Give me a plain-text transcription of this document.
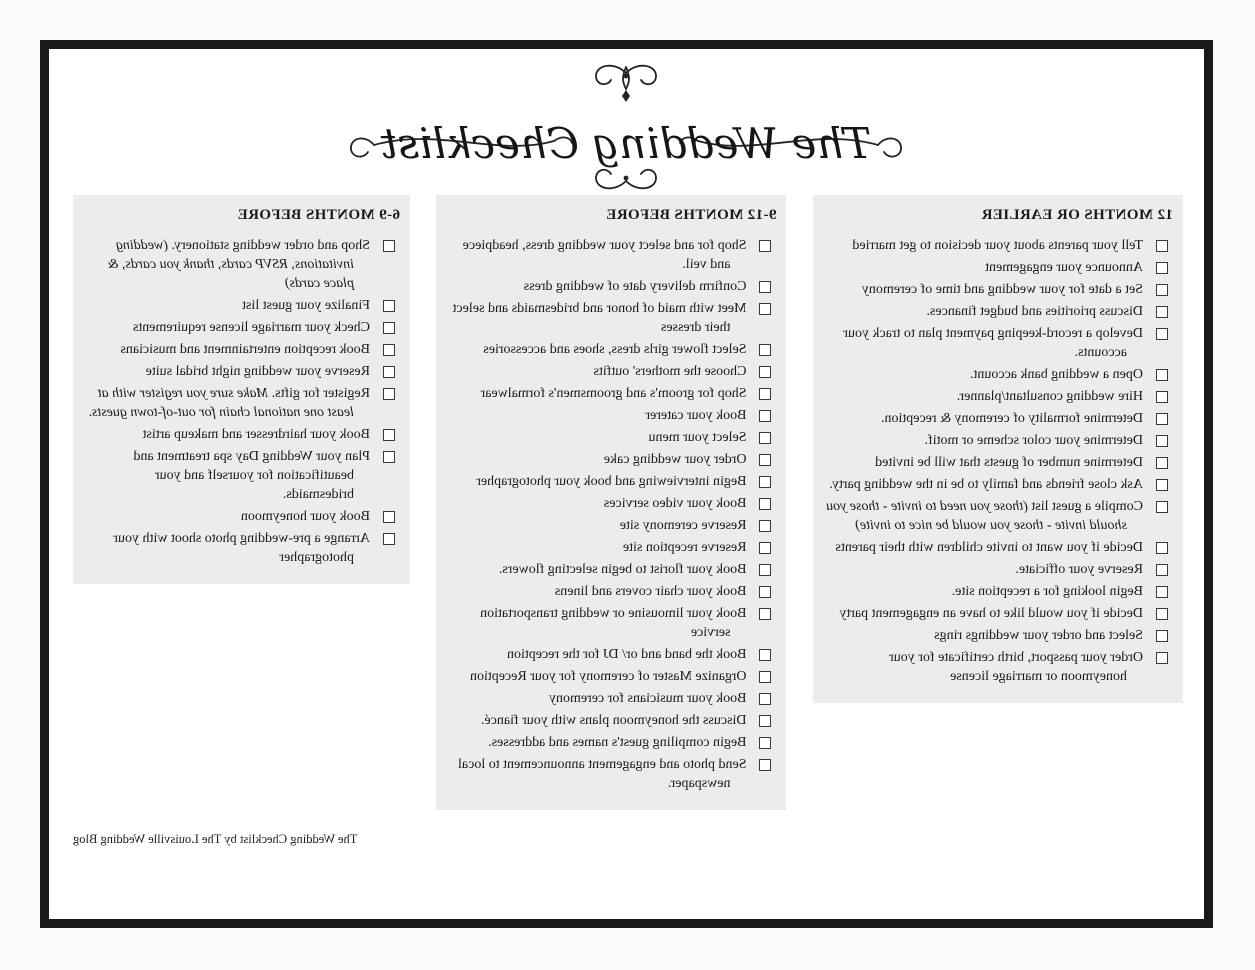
The Wedding Checklist
12 MONTHS OR EARLIER
Tell your parents about your decision to get married
Announce your engagement
Set a date for your wedding and time of ceremony
Discuss priorities and budget finances.
Develop a record-keeping payment plan to track your accounts.
Open a wedding bank account.
Hire wedding consultant/planner.
Determine formality of ceremony & reception.
Determine your color scheme or motif.
Determine number of guests that will be invited
Ask close friends and family to be in the wedding party.
Compile a guest list (those you need to invite - those you should invite - those you would be nice to invite)
Decide if you want to invite children with their parents
Reserve your officiate.
Begin looking for a reception site.
Decide if you would like to have an engagement party
Select and order your weddings rings
Order your passport, birth certificate for your honeymoon or marriage license
9-12 MONTHS BEFORE
Shop for and select your wedding dress, headpiece and veil.
Confirm delivery date of wedding dress
Meet with maid of honor and bridesmaids and select their dresses
Select flower girls dress, shoes and accessories
Choose the mothers' outfits
Shop for groom's and groomsmen's formalwear
Book your caterer
Select your menu
Order your wedding cake
Begin interviewing and book your photographer
Book your video services
Reserve ceremony site
Reserve reception site
Book your florist to begin selecting flowers.
Book your chair covers and linens
Book your limousine or wedding transportation service
Book the band and or/ DJ for the reception
Organize Master of ceremony for your Reception
Book your musicians for ceremony
Discuss the honeymoon plans with your fiancé.
Begin compiling guest's names and addresses.
Send photo and engagement announcement to local newspaper.
6-9 MONTHS BEFORE
Shop and order wedding stationery. (wedding invitations, RSVP cards, thank you cards, & place cards)
Finalize your guest list
Check your marriage license requirements
Book reception entertainment and musicians
Reserve your wedding night bridal suite
Register for gifts. Make sure you register with at least one national chain for out-of-town guests.
Book your hairdresser and makeup artist
Plan your Wedding Day spa treatment and beautification for yourself and your bridesmaids.
Book your honeymoon
Arrange a pre-wedding photo shoot with your photographer
The Wedding Checklist by The Louisville Wedding Blog
